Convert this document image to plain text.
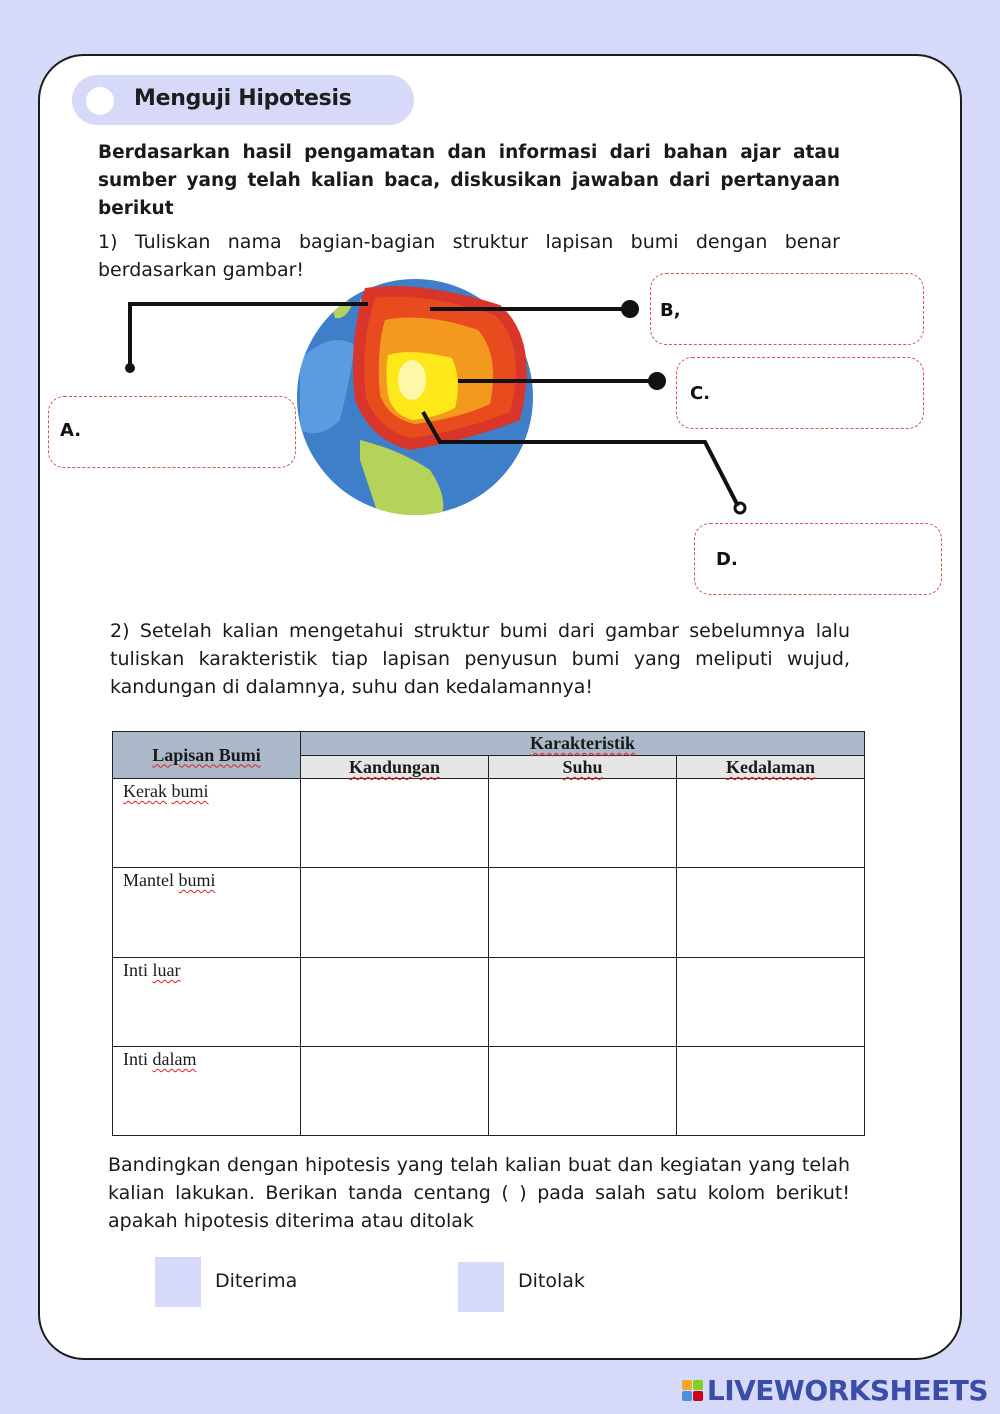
Menguji Hipotesis
Berdasarkan hasil pengamatan dan informasi dari bahan ajar atau sumber yang telah kalian baca, diskusikan jawaban dari pertanyaan berikut
1) Tuliskan nama bagian-bagian struktur lapisan bumi dengan benar berdasarkan gambar!
A.
B,
C.
D.
2) Setelah kalian mengetahui struktur bumi dari gambar sebelumnya lalu tuliskan karakteristik tiap lapisan penyusun bumi yang meliputi wujud, kandungan di dalamnya, suhu dan kedalamannya!
Lapisan Bumi	Karakteristik		
	Kandungan	Suhu	Kedalaman
Kerak bumi			
Mantel bumi			
Inti luar			
Inti dalam			
Bandingkan dengan hipotesis yang telah kalian buat dan kegiatan yang telah kalian lakukan. Berikan tanda centang ( ) pada salah satu kolom berikut! apakah hipotesis diterima atau ditolak
Diterima	Ditolak
LIVEWORKSHEETS
